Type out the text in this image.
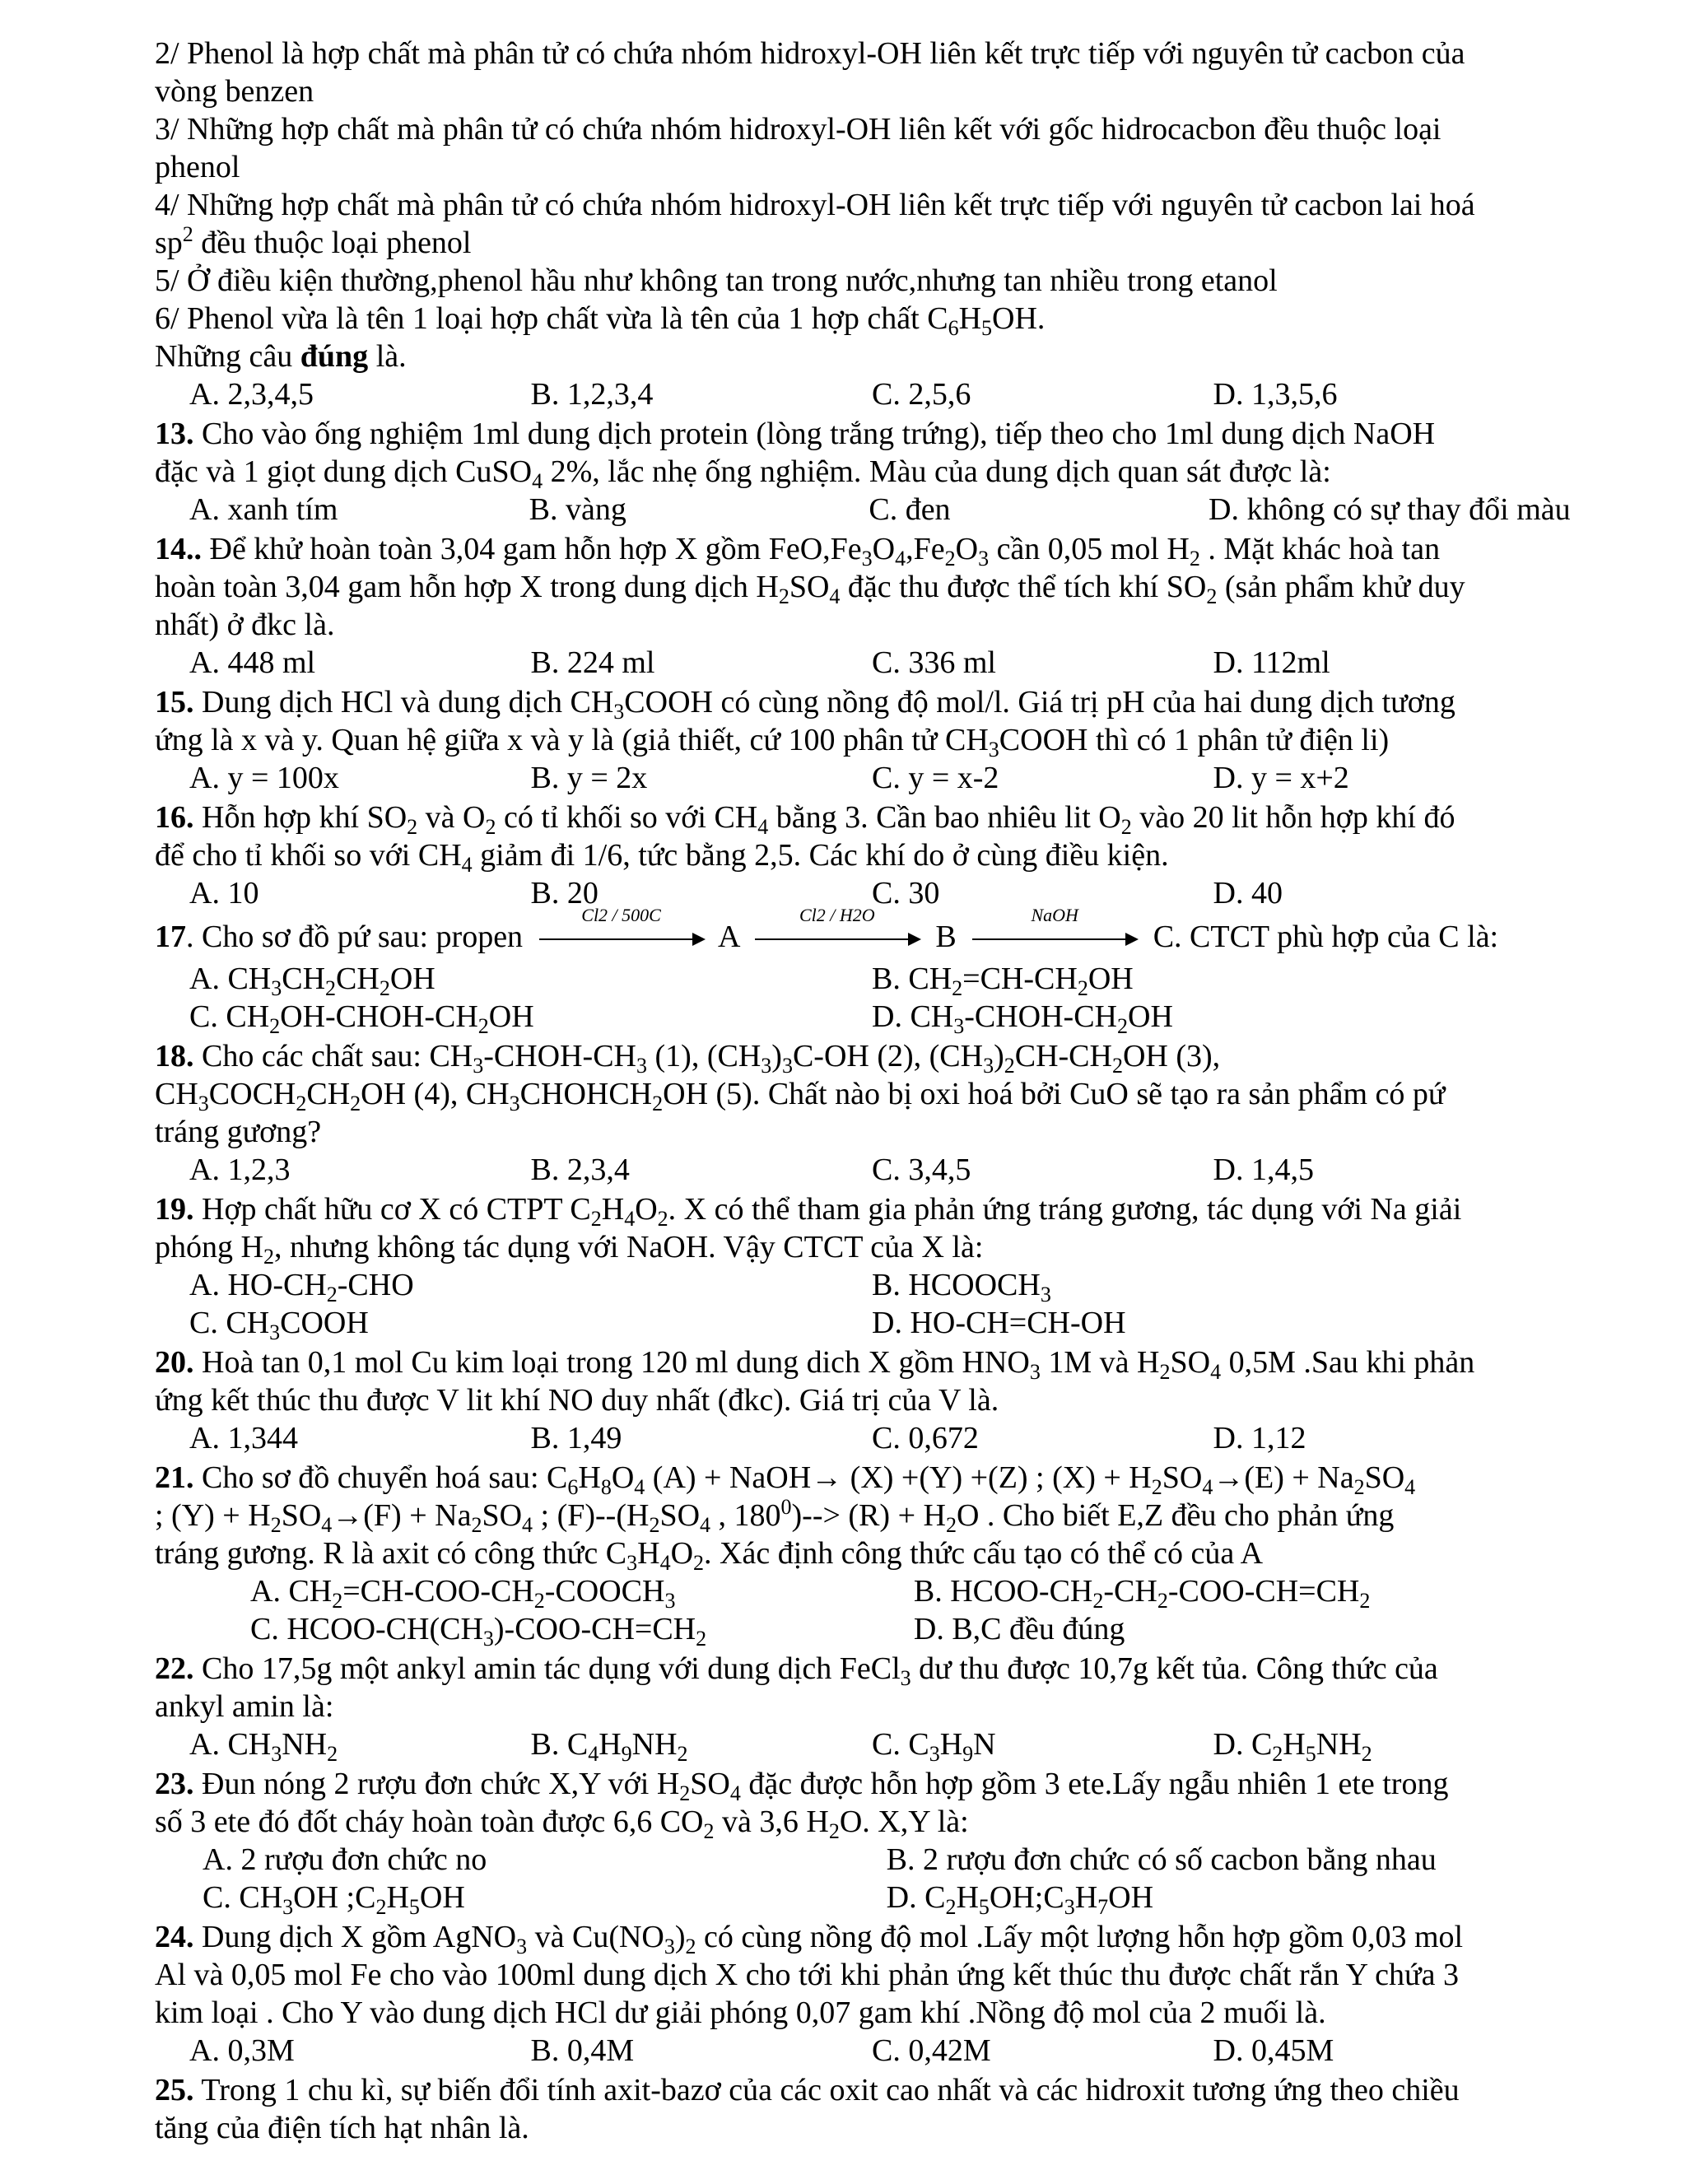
2/ Phenol là hợp chất mà phân tử có chứa nhóm hidroxyl-OH liên kết trực tiếp với nguyên tử cacbon của
vòng benzen
3/ Những hợp chất mà phân tử có chứa nhóm hidroxyl-OH liên kết với gốc hidrocacbon đều thuộc loại
phenol
4/ Những hợp chất mà phân tử có chứa nhóm hidroxyl-OH liên kết trực tiếp với nguyên tử cacbon lai hoá
$sp^2$ đều thuộc loại phenol
5/ Ở điều kiện thường,phenol hầu như không tan trong nước,nhưng tan nhiều trong etanol
6/ Phenol vừa là tên 1 loại hợp chất vừa là tên của 1 hợp chất $C_6H_5OH$.
Những câu đúng là.
A. 2,3,4,5	B. 1,2,3,4	C. 2,5,6	D. 1,3,5,6
13. Cho vào ống nghiệm 1ml dung dịch protein (lòng trắng trứng), tiếp theo cho 1ml dung dịch NaOH
đặc và 1 giọt dung dịch CuSO$_4$ 2%, lắc nhẹ ống nghiệm. Màu của dung dịch quan sát được là:
A. xanh tím	B. vàng	C. đen	D. không có sự thay đổi màu
14.. Để khử hoàn toàn 3,04 gam hỗn hợp X gồm $FeO,Fe_3O_4,Fe_2O_3$ cần 0,05 mol $H_2$ . Mặt khác hoà tan
hoàn toàn 3,04 gam hỗn hợp X trong dung dịch $H_2SO_4$ đặc thu được thể tích khí $SO_2$ (sản phẩm khử duy
nhất) ở đkc là.
A. 448 ml	B. 224 ml	C. 336 ml	D. 112ml
15. Dung dịch HCl và dung dịch $CH_3COOH$ có cùng nồng độ mol/l. Giá trị pH của hai dung dịch tương
ứng là x và y. Quan hệ giữa x và y là (giả thiết, cứ 100 phân tử $CH_3COOH$ thì có 1 phân tử điện li)
A. y = 100x	B. y = 2x	C. y = x-2	D. y = x+2
16. Hỗn hợp khí $SO_2$ và $O_2$ có tỉ khối so với $CH_4$ bằng 3. Cần bao nhiêu lit $O_2$ vào 20 lit hỗn hợp khí đó
để cho tỉ khối so với $CH_4$ giảm đi 1/6, tức bằng 2,5. Các khí do ở cùng điều kiện.
A. 10	B. 20	C. 30	D. 40
17. Cho sơ đồ pứ sau: propen
Cl2 / 500C
A
Cl2 / H2O
B
NaOH
C. CTCT phù hợp của C là:
A. $CH_3CH_2CH_2OH$	B. $CH_2=CH-CH_2OH$
C. $CH_2OH-CHOH-CH_2OH$	D. $CH_3-CHOH-CH_2OH$
18. Cho các chất sau: $CH_3-CHOH-CH_3$ (1), $(CH_3)_3C-OH$ (2), $(CH_3)_2CH-CH_2OH$ (3),
$CH_3COCH_2CH_2OH$ (4), $CH_3CHOHCH_2OH$ (5). Chất nào bị oxi hoá bởi CuO sẽ tạo ra sản phẩm có pứ
tráng gương?
A. 1,2,3	B. 2,3,4	C. 3,4,5	D. 1,4,5
19. Hợp chất hữu cơ X có CTPT $C_2H_4O_2$. X có thể tham gia phản ứng tráng gương, tác dụng với Na giải
phóng $H_2$, nhưng không tác dụng với NaOH. Vậy CTCT của X là:
A. $HO-CH_2$-CHO	B. $HCOOCH_3$
C. $CH_3COOH$	D. HO-CH=CH-OH
20. Hoà tan 0,1 mol Cu kim loại trong 120 ml dung dich X gồm $HNO_3$ 1M và $H_2SO_4$ 0,5M .Sau khi phản
ứng kết thúc thu được V lit khí NO duy nhất (đkc). Giá trị của V là.
A. 1,344	B. 1,49	C. 0,672	D. 1,12
21. Cho sơ đồ chuyển hoá sau: $C_6H_8O_4$ (A) + NaOH→ (X) +(Y) +(Z) ; $(X) + H_2SO_4\to(E) + Na_2SO_4$
; $(Y) + H_2SO_4\to(F) + Na_2SO_4$ ; $(F)--(H_2SO_4$ , $180^0)--> (R) + H_2O$ . Cho biết E,Z đều cho phản ứng
tráng gương. R là axit có công thức $C_3H_4O_2$. Xác định công thức cấu tạo có thể có của A
A. $CH_2=CH-COO-CH_2-COOCH_3$	B. HCOO-$CH_2-CH_2-COO-CH=CH_2$
C. HCOO-$CH(CH_3)-COO-CH=CH_2$	D. B,C đều đúng
22. Cho 17,5g một ankyl amin tác dụng với dung dịch FeCl$_3$ dư thu được 10,7g kết tủa. Công thức của
ankyl amin là:
A. $CH_3NH_2$	B. $C_4H_9NH_2$	C. $C_3H_9N$	D. $C_2H_5NH_2$
23. Đun nóng 2 rượu đơn chức X,Y với $H_2SO_4$ đặc được hỗn hợp gồm 3 ete.Lấy ngẫu nhiên 1 ete trong
số 3 ete đó đốt cháy hoàn toàn được 6,6 $CO_2$ và 3,6 $H_2O$. X,Y là:
A. 2 rượu đơn chức no	B. 2 rượu đơn chức có số cacbon bằng nhau
C. $CH_3OH$ $;C_2H_5OH$	D. $C_2H_5OH;C_3H_7OH$
24. Dung dịch X gồm AgNO$_3$ và $Cu(NO_3)_2$ có cùng nồng độ mol .Lấy một lượng hỗn hợp gồm 0,03 mol
Al và 0,05 mol Fe cho vào 100ml dung dịch X cho tới khi phản ứng kết thúc thu được chất rắn Y chứa 3
kim loại . Cho Y vào dung dịch HCl dư giải phóng 0,07 gam khí .Nồng độ mol của 2 muối là.
A. 0,3M	B. 0,4M	C. 0,42M	D. 0,45M
25. Trong 1 chu kì, sự biến đổi tính axit-bazơ của các oxit cao nhất và các hidroxit tương ứng theo chiều
tăng của điện tích hạt nhân là.
